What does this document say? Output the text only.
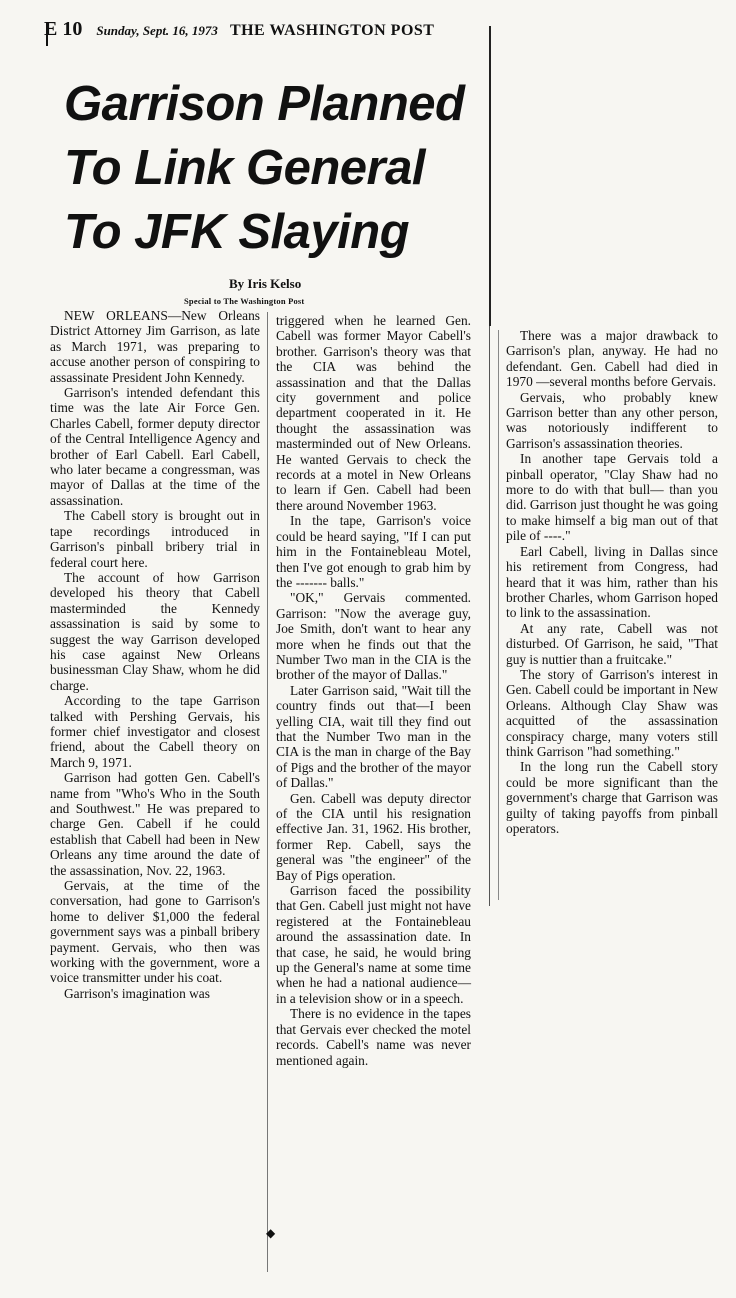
E 10 Sunday, Sept. 16, 1973 THE WASHINGTON POST
Garrison Planned
To Link General
To JFK Slaying
By Iris Kelso
Special to The Washington Post
◆

NEW ORLEANS—New Orleans District Attorney Jim Garrison, as late as March 1971, was preparing to accuse another person of conspiring to assassinate President John Kennedy.

Garrison's intended defendant this time was the late Air Force Gen. Charles Cabell, former deputy director of the Central Intelligence Agency and brother of Earl Cabell. Earl Cabell, who later became a congressman, was mayor of Dallas at the time of the assassination.

The Cabell story is brought out in tape recordings introduced in Garrison's pinball bribery trial in federal court here.

The account of how Garrison developed his theory that Cabell masterminded the Kennedy assassination is said by some to suggest the way Garrison developed his case against New Orleans businessman Clay Shaw, whom he did charge.

According to the tape Garrison talked with Pershing Gervais, his former chief investigator and closest friend, about the Cabell theory on March 9, 1971.

Garrison had gotten Gen. Cabell's name from "Who's Who in the South and Southwest." He was prepared to charge Gen. Cabell if he could establish that Cabell had been in New Orleans any time around the date of the assassination, Nov. 22, 1963.

Gervais, at the time of the conversation, had gone to Garrison's home to deliver $1,000 the federal government says was a pinball bribery payment. Gervais, who then was working with the government, wore a voice transmitter under his coat.

Garrison's imagination was

triggered when he learned Gen. Cabell was former Mayor Cabell's brother. Garrison's theory was that the CIA was behind the assassination and that the Dallas city government and police department cooperated in it. He thought the assassination was masterminded out of New Orleans. He wanted Gervais to check the records at a motel in New Orleans to learn if Gen. Cabell had been there around November 1963.

In the tape, Garrison's voice could be heard saying, "If I can put him in the Fontainebleau Motel, then I've got enough to grab him by the ------- balls."

"OK," Gervais commented. Garrison: "Now the average guy, Joe Smith, don't want to hear any more when he finds out that the Number Two man in the CIA is the brother of the mayor of Dallas."

Later Garrison said, "Wait till the country finds out that—I been yelling CIA, wait till they find out that the Number Two man in the CIA is the man in charge of the Bay of Pigs and the brother of the mayor of Dallas."

Gen. Cabell was deputy director of the CIA until his resignation effective Jan. 31, 1962. His brother, former Rep. Cabell, says the general was "the engineer" of the Bay of Pigs operation.

Garrison faced the possibility that Gen. Cabell just might not have registered at the Fontainebleau around the assassination date. In that case, he said, he would bring up the General's name at some time when he had a national audience—in a television show or in a speech.

There is no evidence in the tapes that Gervais ever checked the motel records. Cabell's name was never mentioned again.

There was a major drawback to Garrison's plan, anyway. He had no defendant. Gen. Cabell had died in 1970 —several months before Gervais.

Gervais, who probably knew Garrison better than any other person, was notoriously indifferent to Garrison's assassination theories.

In another tape Gervais told a pinball operator, "Clay Shaw had no more to do with that bull— than you did. Garrison just thought he was going to make himself a big man out of that pile of ----."

Earl Cabell, living in Dallas since his retirement from Congress, had heard that it was him, rather than his brother Charles, whom Garrison hoped to link to the assassination.

At any rate, Cabell was not disturbed. Of Garrison, he said, "That guy is nuttier than a fruitcake."

The story of Garrison's interest in Gen. Cabell could be important in New Orleans. Although Clay Shaw was acquitted of the assassination conspiracy charge, many voters still think Garrison "had something."

In the long run the Cabell story could be more significant than the government's charge that Garrison was guilty of taking payoffs from pinball operators.
